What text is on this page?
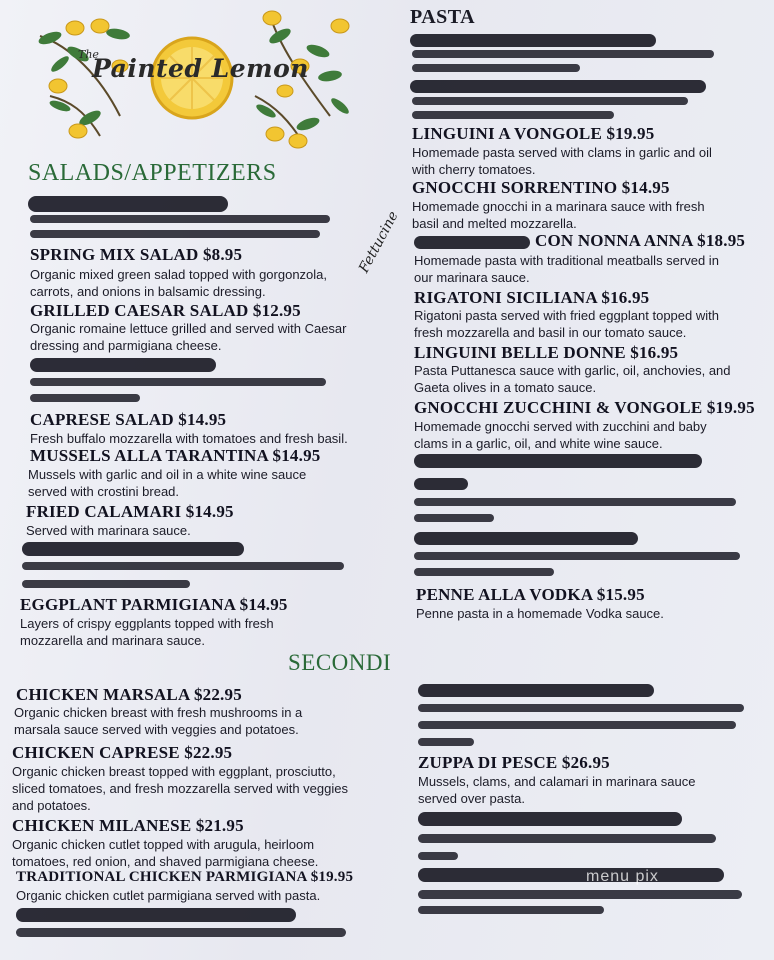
The
Painted Lemon
SALADS/APPETIZERS
SPRING MIX SALAD $8.95
Organic mixed green salad topped with gorgonzola,
carrots, and onions in balsamic dressing.
GRILLED CAESAR SALAD $12.95
Organic romaine lettuce grilled and served with Caesar
dressing and parmigiana cheese.
CAPRESE SALAD $14.95
Fresh buffalo mozzarella with tomatoes and fresh basil.
MUSSELS ALLA TARANTINA $14.95
Mussels with garlic and oil in a white wine sauce
served with crostini bread.
FRIED CALAMARI $14.95
Served with marinara sauce.
EGGPLANT PARMIGIANA $14.95
Layers of crispy eggplants topped with fresh
mozzarella and marinara sauce.
SECONDI
CHICKEN MARSALA $22.95
Organic chicken breast with fresh mushrooms in a
marsala sauce served with veggies and potatoes.
CHICKEN CAPRESE $22.95
Organic chicken breast topped with eggplant, prosciutto,
sliced tomatoes, and fresh mozzarella served with veggies
and potatoes.
CHICKEN MILANESE $21.95
Organic chicken cutlet topped with arugula, heirloom
tomatoes, red onion, and shaved parmigiana cheese.
TRADITIONAL CHICKEN PARMIGIANA $19.95
Organic chicken cutlet parmigiana served with pasta.
Fettucine
PASTA
LINGUINI A VONGOLE $19.95
Homemade pasta served with clams in garlic and oil
with cherry tomatoes.
GNOCCHI SORRENTINO $14.95
Homemade gnocchi in a marinara sauce with fresh
basil and melted mozzarella.
CON NONNA ANNA $18.95
Homemade pasta with traditional meatballs served in
our marinara sauce.
RIGATONI SICILIANA $16.95
Rigatoni pasta served with fried eggplant topped with
fresh mozzarella and basil in our tomato sauce.
LINGUINI BELLE DONNE $16.95
Pasta Puttanesca sauce with garlic, oil, anchovies, and
Gaeta olives in a tomato sauce.
GNOCCHI ZUCCHINI & VONGOLE $19.95
Homemade gnocchi served with zucchini and baby
clams in a garlic, oil, and white wine sauce.
PENNE ALLA VODKA $15.95
Penne pasta in a homemade Vodka sauce.
ZUPPA DI PESCE $26.95
Mussels, clams, and calamari in marinara sauce
served over pasta.
menu pix
